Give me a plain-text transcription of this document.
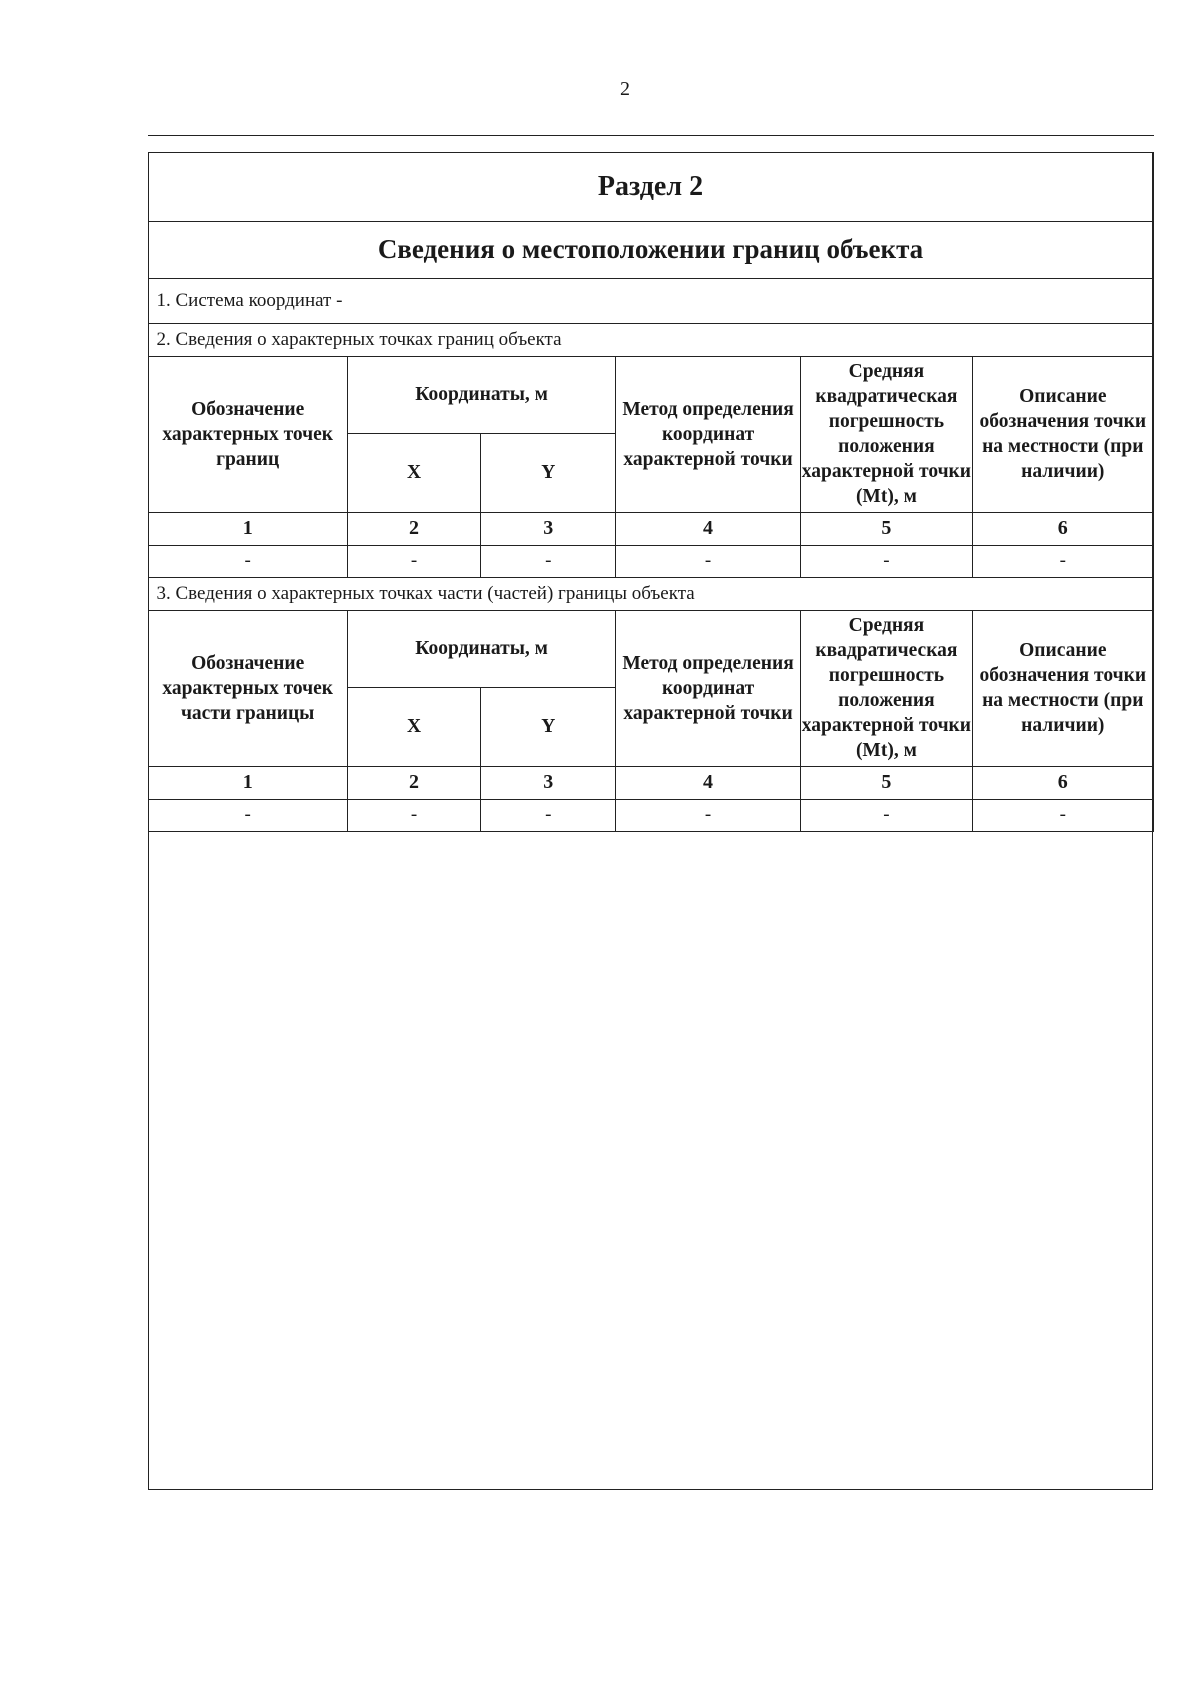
2
Раздел 2					
Сведения о местоположении границ объекта					
1. Система координат -					
2. Сведения о характерных точках границ объекта					
Обозначение характерных точек границ	Координаты, м		Метод определения координат характерной точки	Средняя квадратическая погрешность положения характерной точки (Mt), м	Описание обозначения точки на местности (при наличии)
	X	Y			
1	2	3	4	5	6
-	-	-	-	-	-
3. Сведения о характерных точках части (частей) границы объекта					
Обозначение характерных точек части границы	Координаты, м		Метод определения координат характерной точки	Средняя квадратическая погрешность положения характерной точки (Mt), м	Описание обозначения точки на местности (при наличии)
	X	Y			
1	2	3	4	5	6
-	-	-	-	-	-
